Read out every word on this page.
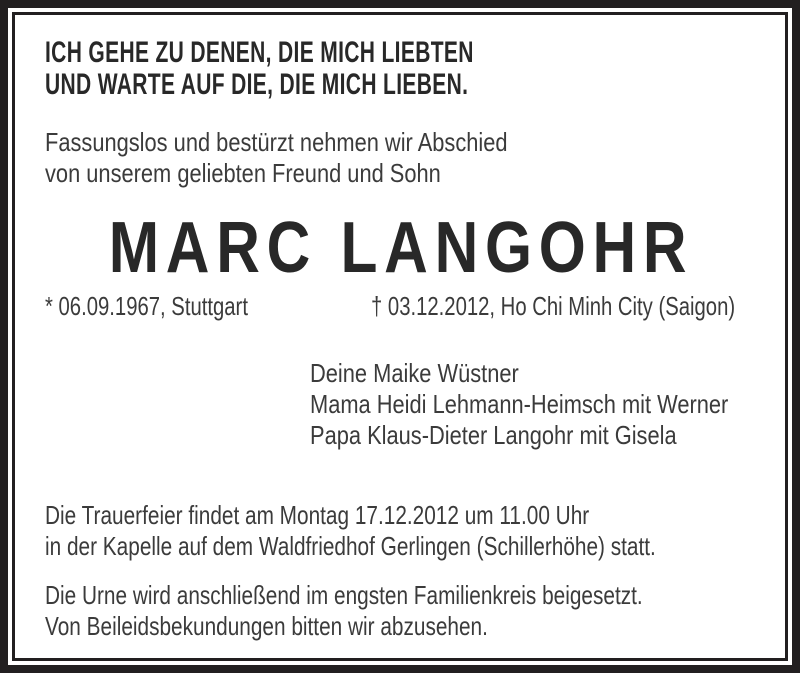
ICH GEHE ZU DENEN, DIE MICH LIEBTEN
UND WARTE AUF DIE, DIE MICH LIEBEN.
Fassungslos und bestürzt nehmen wir Abschied
von unserem geliebten Freund und Sohn
MARC LANGOHR
* 06.09.1967, Stuttgart	† 03.12.2012, Ho Chi Minh City (Saigon)
Deine Maike Wüstner
Mama Heidi Lehmann-Heimsch mit Werner
Papa Klaus-Dieter Langohr mit Gisela
Die Trauerfeier findet am Montag 17.12.2012 um 11.00 Uhr
in der Kapelle auf dem Waldfriedhof Gerlingen (Schillerhöhe) statt.
Die Urne wird anschließend im engsten Familienkreis beigesetzt.
Von Beileidsbekundungen bitten wir abzusehen.
